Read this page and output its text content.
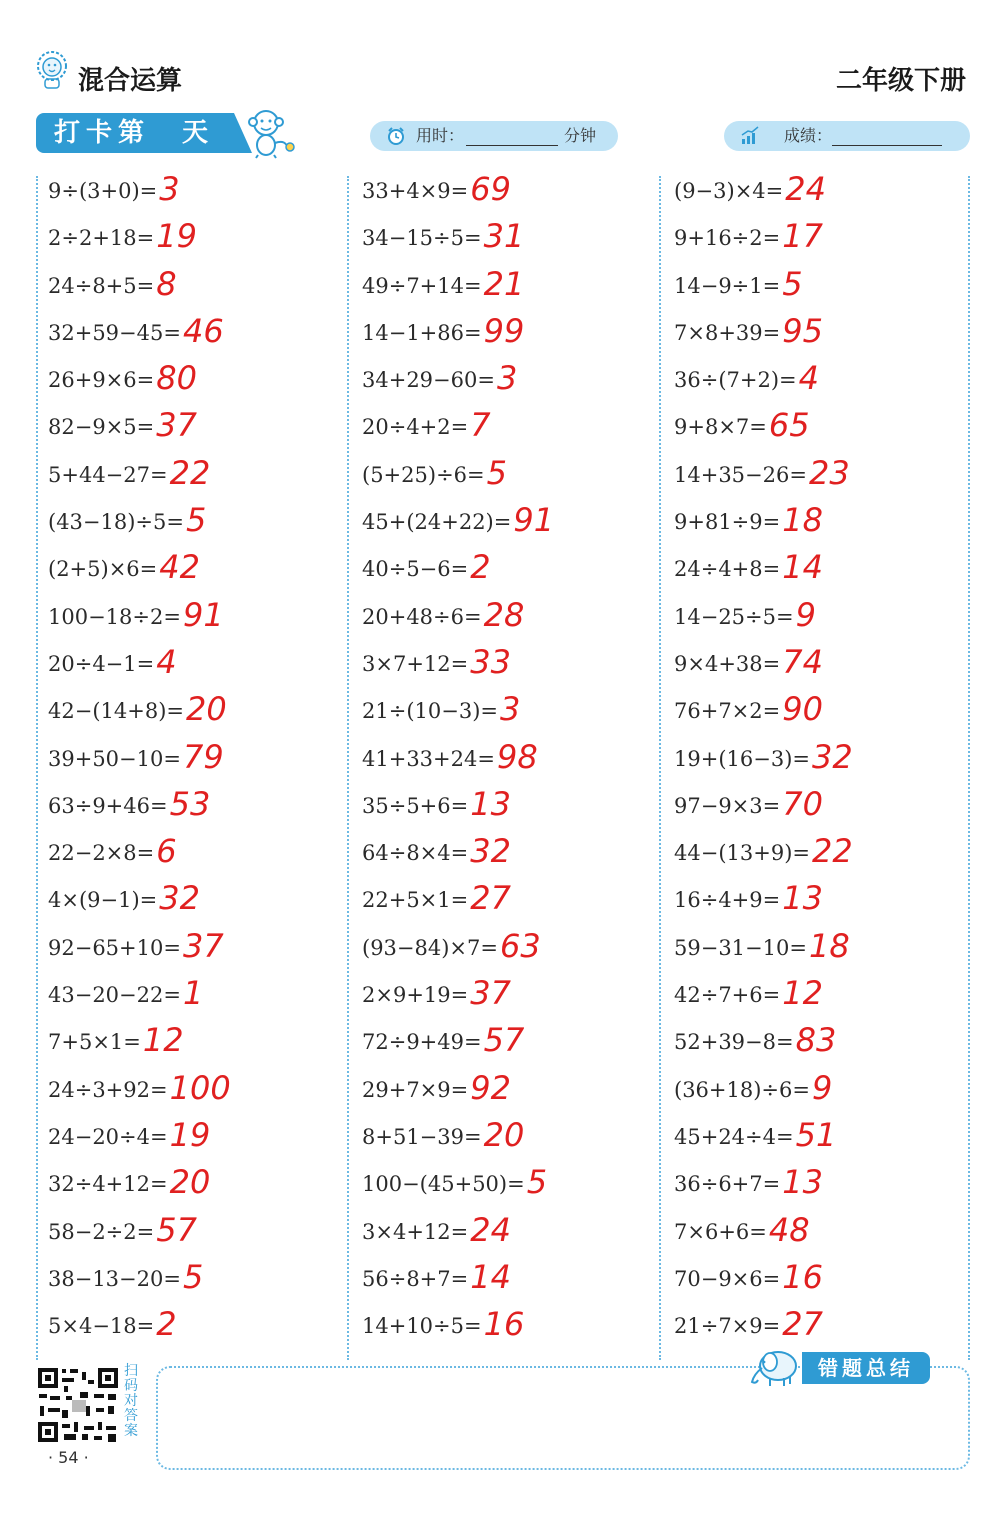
混合运算	二年级下册
打卡第　天	用时：	分钟	成绩：
9÷(3+0)=3
2÷2+18=19
24÷8+5=8
32+59−45=46
26+9×6=80
82−9×5=37
5+44−27=22
(43−18)÷5=5
(2+5)×6=42
100−18÷2=91
20÷4−1=4
42−(14+8)=20
39+50−10=79
63÷9+46=53
22−2×8=6
4×(9−1)=32
92−65+10=37
43−20−22=1
7+5×1=12
24÷3+92=100
24−20÷4=19
32÷4+12=20
58−2÷2=57
38−13−20=5
5×4−18=2
33+4×9=69
34−15÷5=31
49÷7+14=21
14−1+86=99
34+29−60=3
20÷4+2=7
(5+25)÷6=5
45+(24+22)=91
40÷5−6=2
20+48÷6=28
3×7+12=33
21÷(10−3)=3
41+33+24=98
35÷5+6=13
64÷8×4=32
22+5×1=27
(93−84)×7=63
2×9+19=37
72÷9+49=57
29+7×9=92
8+51−39=20
100−(45+50)=5
3×4+12=24
56÷8+7=14
14+10÷5=16
(9−3)×4=24
9+16÷2=17
14−9÷1=5
7×8+39=95
36÷(7+2)=4
9+8×7=65
14+35−26=23
9+81÷9=18
24÷4+8=14
14−25÷5=9
9×4+38=74
76+7×2=90
19+(16−3)=32
97−9×3=70
44−(13+9)=22
16÷4+9=13
59−31−10=18
42÷7+6=12
52+39−8=83
(36+18)÷6=9
45+24÷4=51
36÷6+7=13
7×6+6=48
70−9×6=16
21÷7×9=27
扫码对答案
· 54 ·
错题总结
